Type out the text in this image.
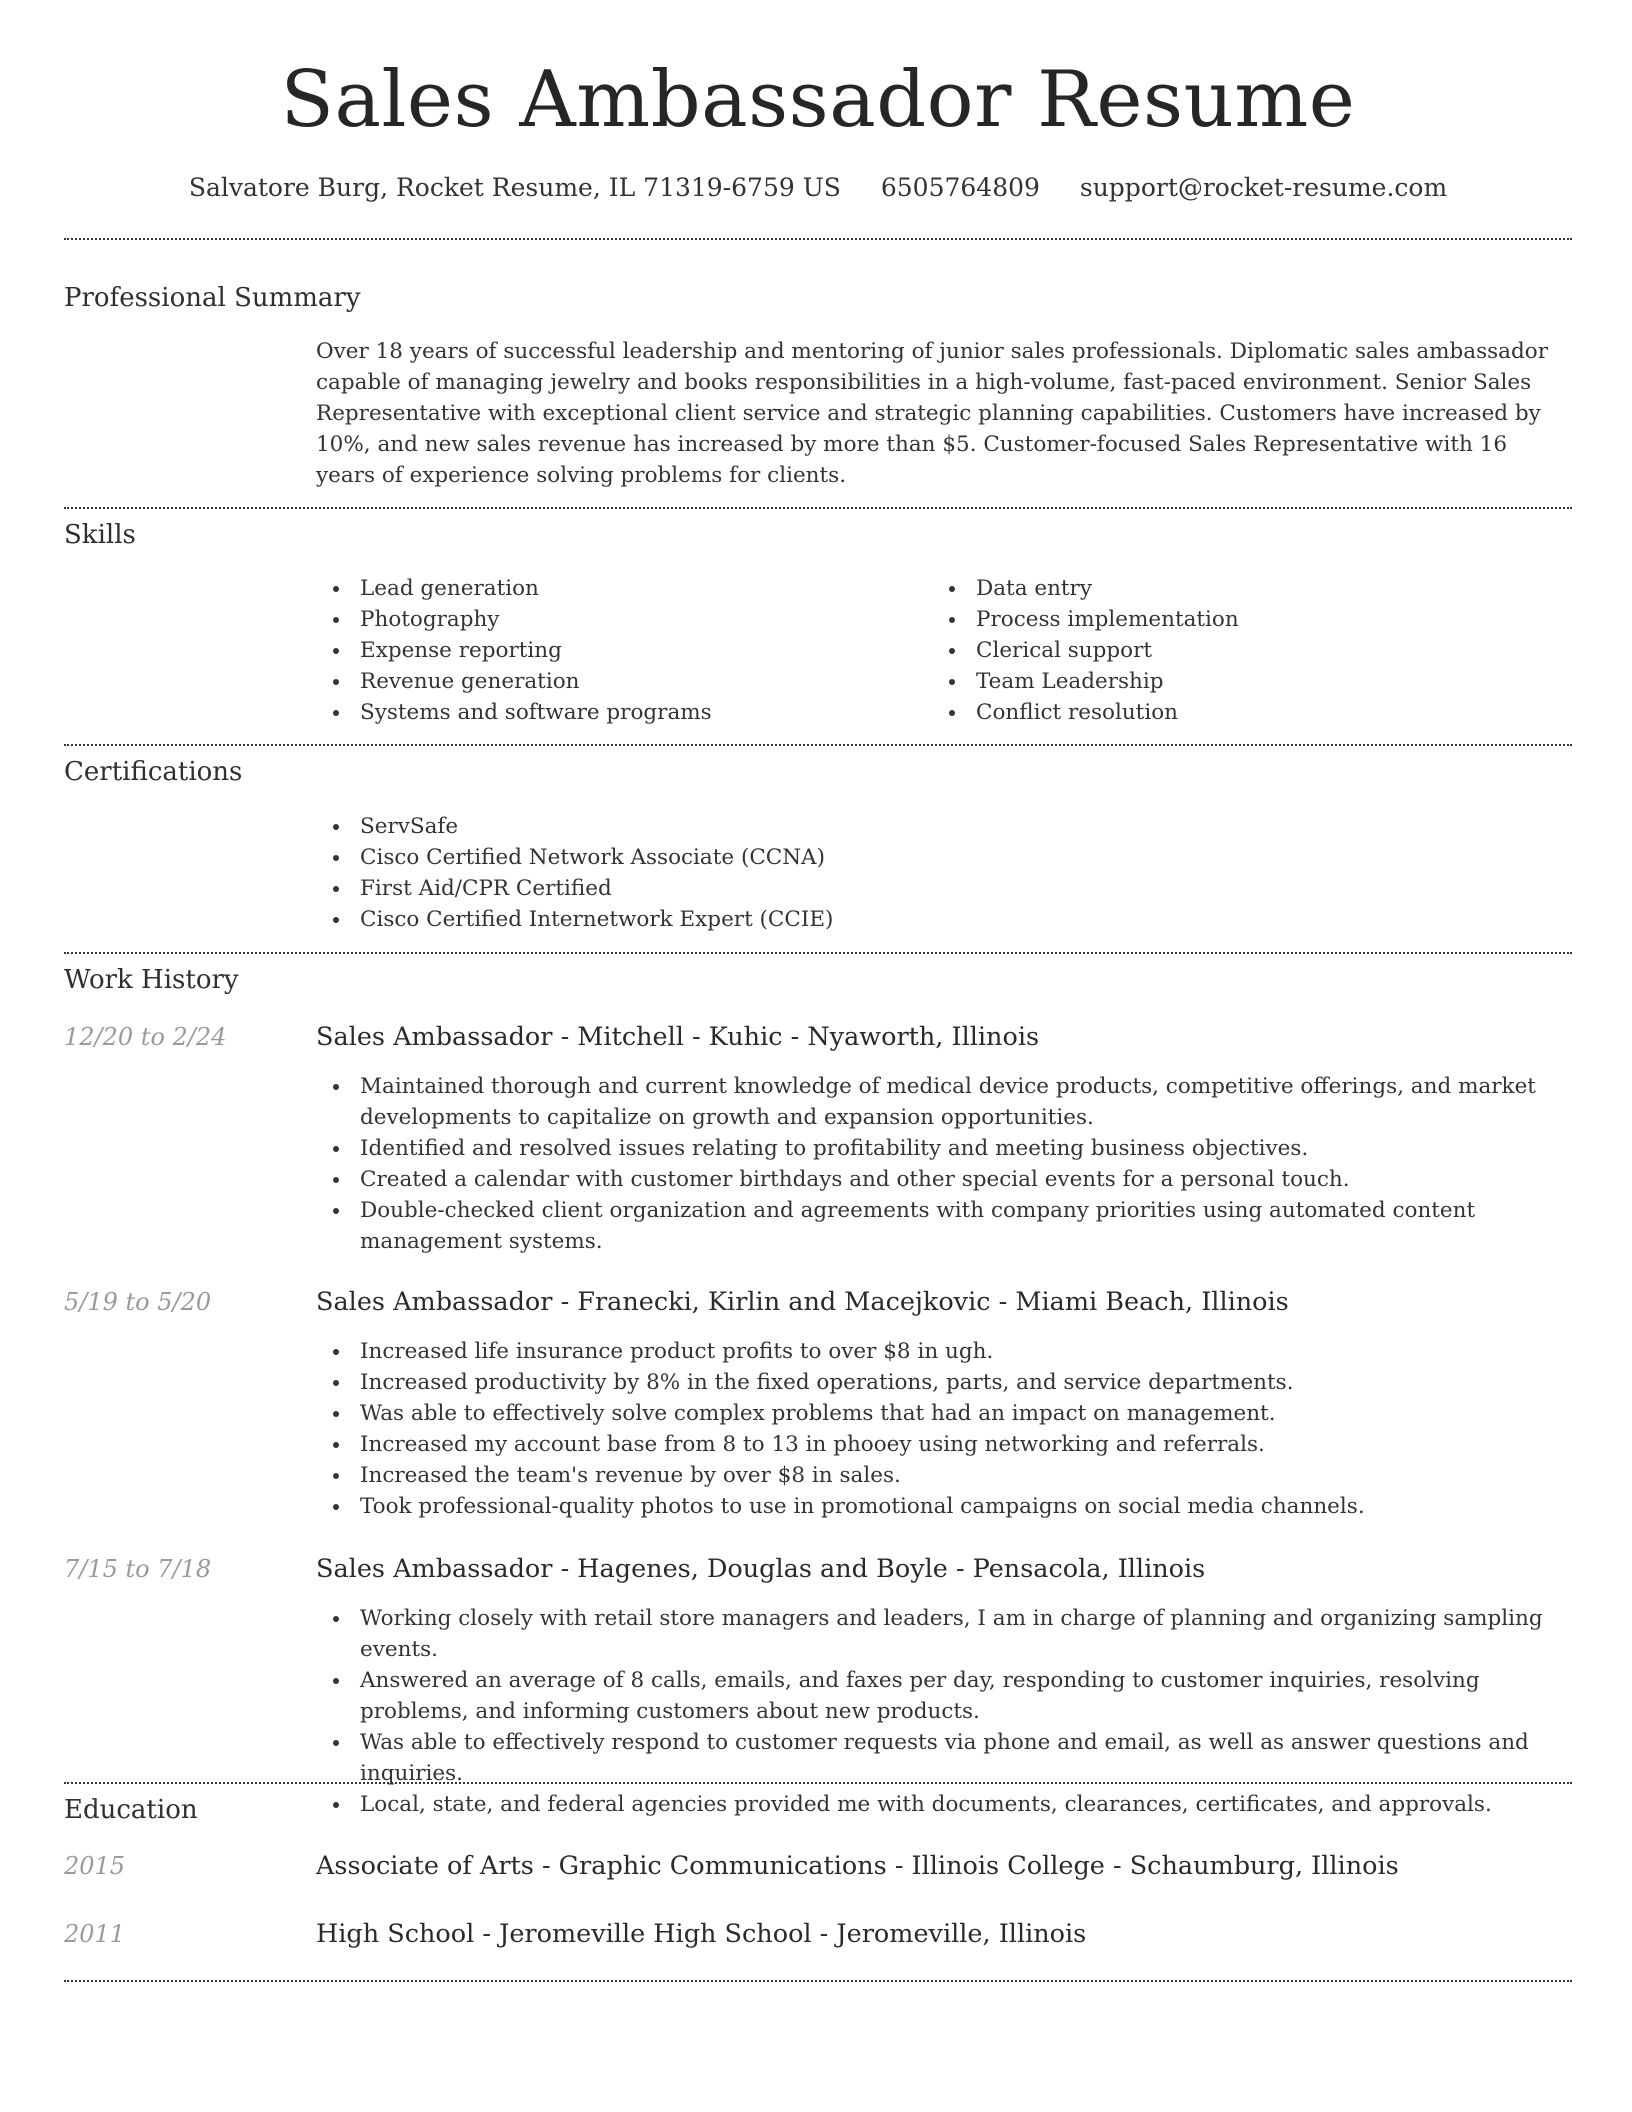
Sales Ambassador Resume
Salvatore Burg, Rocket Resume, IL 71319-6759 US 6505764809 support@rocket-resume.com
Professional Summary

Over 18 years of successful leadership and mentoring of junior sales professionals. Diplomatic sales ambassador capable of managing jewelry and books responsibilities in a high-volume, fast-paced environment. Senior Sales Representative with exceptional client service and strategic planning capabilities. Customers have increased by 10%, and new sales revenue has increased by more than $5. Customer-focused Sales Representative with 16 years of experience solving problems for clients.

Skills
Lead generation
Photography
Expense reporting
Revenue generation
Systems and software programs
Data entry
Process implementation
Clerical support
Team Leadership
Conflict resolution
Certifications
ServSafe
Cisco Certified Network Associate (CCNA)
First Aid/CPR Certified
Cisco Certified Internetwork Expert (CCIE)
Work History
12/20 to 2/24	Sales Ambassador - Mitchell - Kuhic - Nyaworth, Illinois
Maintained thorough and current knowledge of medical device products, competitive offerings, and market developments to capitalize on growth and expansion opportunities.
Identified and resolved issues relating to profitability and meeting business objectives.
Created a calendar with customer birthdays and other special events for a personal touch.
Double-checked client organization and agreements with company priorities using automated content management systems.
5/19 to 5/20	Sales Ambassador - Franecki, Kirlin and Macejkovic - Miami Beach, Illinois
Increased life insurance product profits to over $8 in ugh.
Increased productivity by 8% in the fixed operations, parts, and service departments.
Was able to effectively solve complex problems that had an impact on management.
Increased my account base from 8 to 13 in phooey using networking and referrals.
Increased the team's revenue by over $8 in sales.
Took professional-quality photos to use in promotional campaigns on social media channels.
7/15 to 7/18	Sales Ambassador - Hagenes, Douglas and Boyle - Pensacola, Illinois
Working closely with retail store managers and leaders, I am in charge of planning and organizing sampling events.
Answered an average of 8 calls, emails, and faxes per day, responding to customer inquiries, resolving problems, and informing customers about new products.
Was able to effectively respond to customer requests via phone and email, as well as answer questions and inquiries.
Local, state, and federal agencies provided me with documents, clearances, certificates, and approvals.
Education
2015	Associate of Arts - Graphic Communications - Illinois College - Schaumburg, Illinois
2011	High School - Jeromeville High School - Jeromeville, Illinois
